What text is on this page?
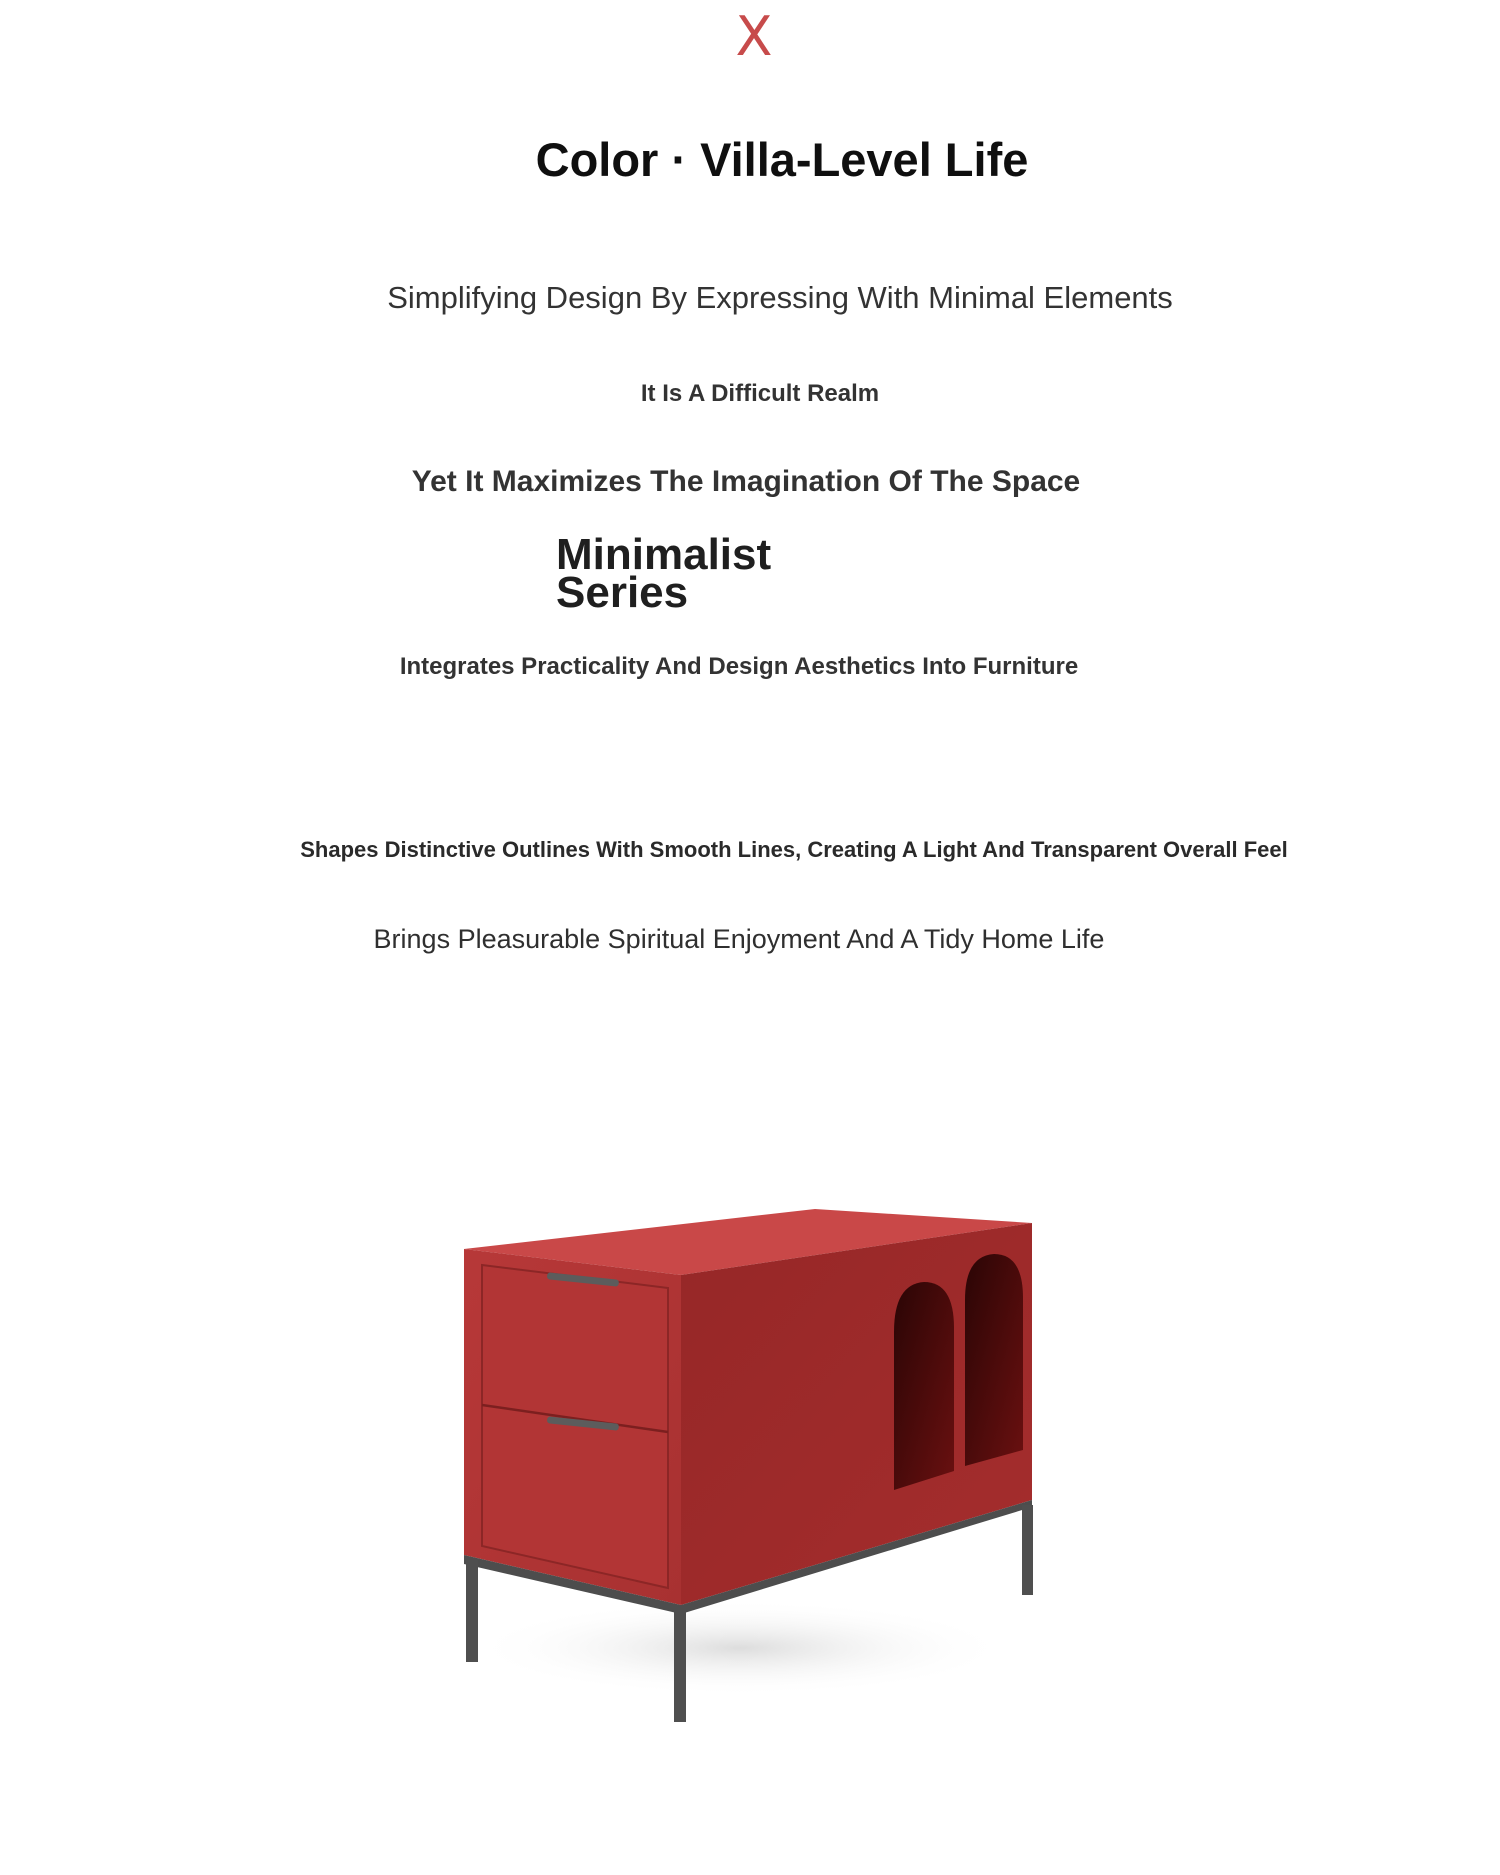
X
Color · Villa-Level Life

Simplifying Design By Expressing With Minimal Elements

It Is A Difficult Realm

Yet It Maximizes The Imagination Of The Space

Minimalist
Series

Integrates Practicality And Design Aesthetics Into Furniture

Shapes Distinctive Outlines With Smooth Lines, Creating A Light And Transparent Overall Feel

Brings Pleasurable Spiritual Enjoyment And A Tidy Home Life
